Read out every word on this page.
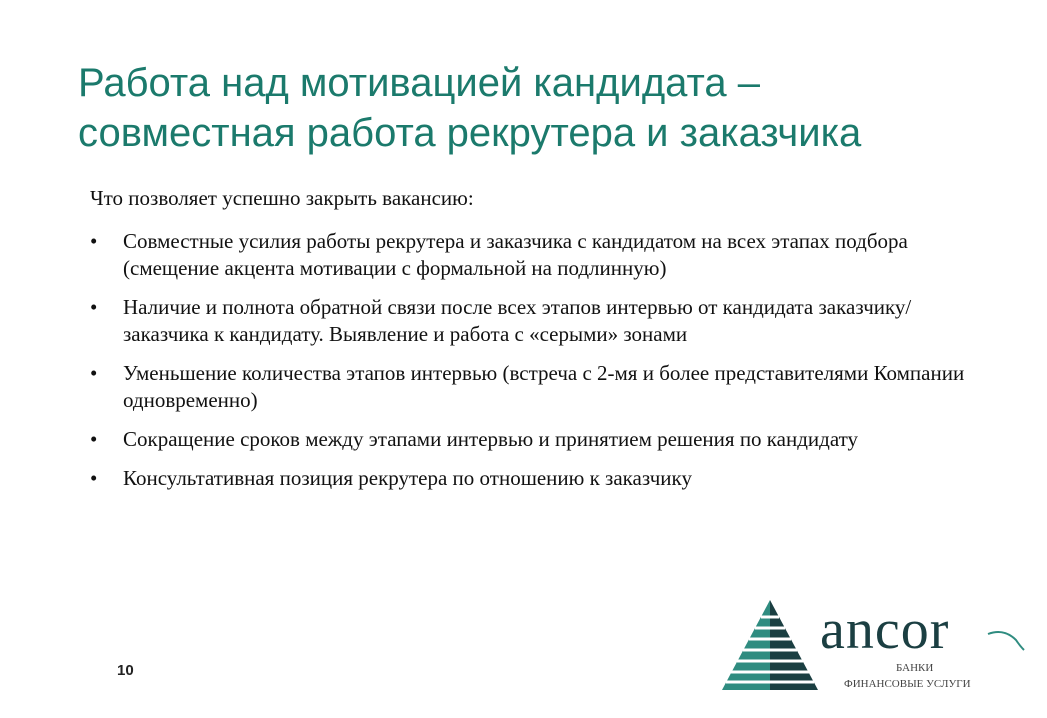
Работа над мотивацией кандидата –
совместная работа рекрутера и заказчика

Что позволяет успешно закрыть вакансию:

• Совместные усилия работы рекрутера и заказчика с кандидатом на всех этапах подбора (смещение акцента мотивации с формальной на подлинную)
• Наличие и полнота обратной связи после всех этапов интервью от кандидата заказчику/ заказчика к кандидату. Выявление и работа с «серыми» зонами
• Уменьшение количества этапов интервью (встреча с 2-мя и более представителями Компании одновременно)
• Сокращение сроков между этапами интервью и принятием решения по кандидату
• Консультативная позиция рекрутера по отношению к заказчику
10
ancor
БАНКИ
ФИНАНСОВЫЕ УСЛУГИ
